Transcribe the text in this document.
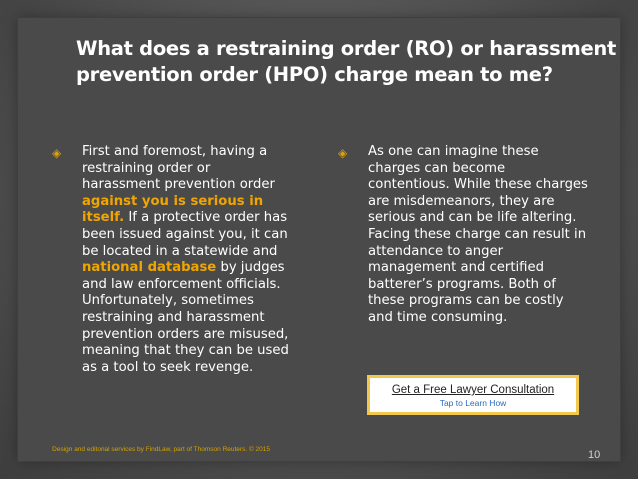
What does a restraining order (RO) or harassment prevention order (HPO) charge mean to me?
◈ First and foremost, having a restraining order or harassment prevention order against you is serious in itself. If a protective order has been issued against you, it can be located in a statewide and national database by judges and law enforcement officials. Unfortunately, sometimes restraining and harassment prevention orders are misused, meaning that they can be used as a tool to seek revenge.
◈ As one can imagine these charges can become contentious. While these charges are misdemeanors, they are serious and can be life altering. Facing these charge can result in attendance to anger management and certified batterer’s programs. Both of these programs can be costly and time consuming.
Get a Free Lawyer Consultation
Tap to Learn How
Design and editorial services by FindLaw, part of Thomson Reuters. © 2015	10
